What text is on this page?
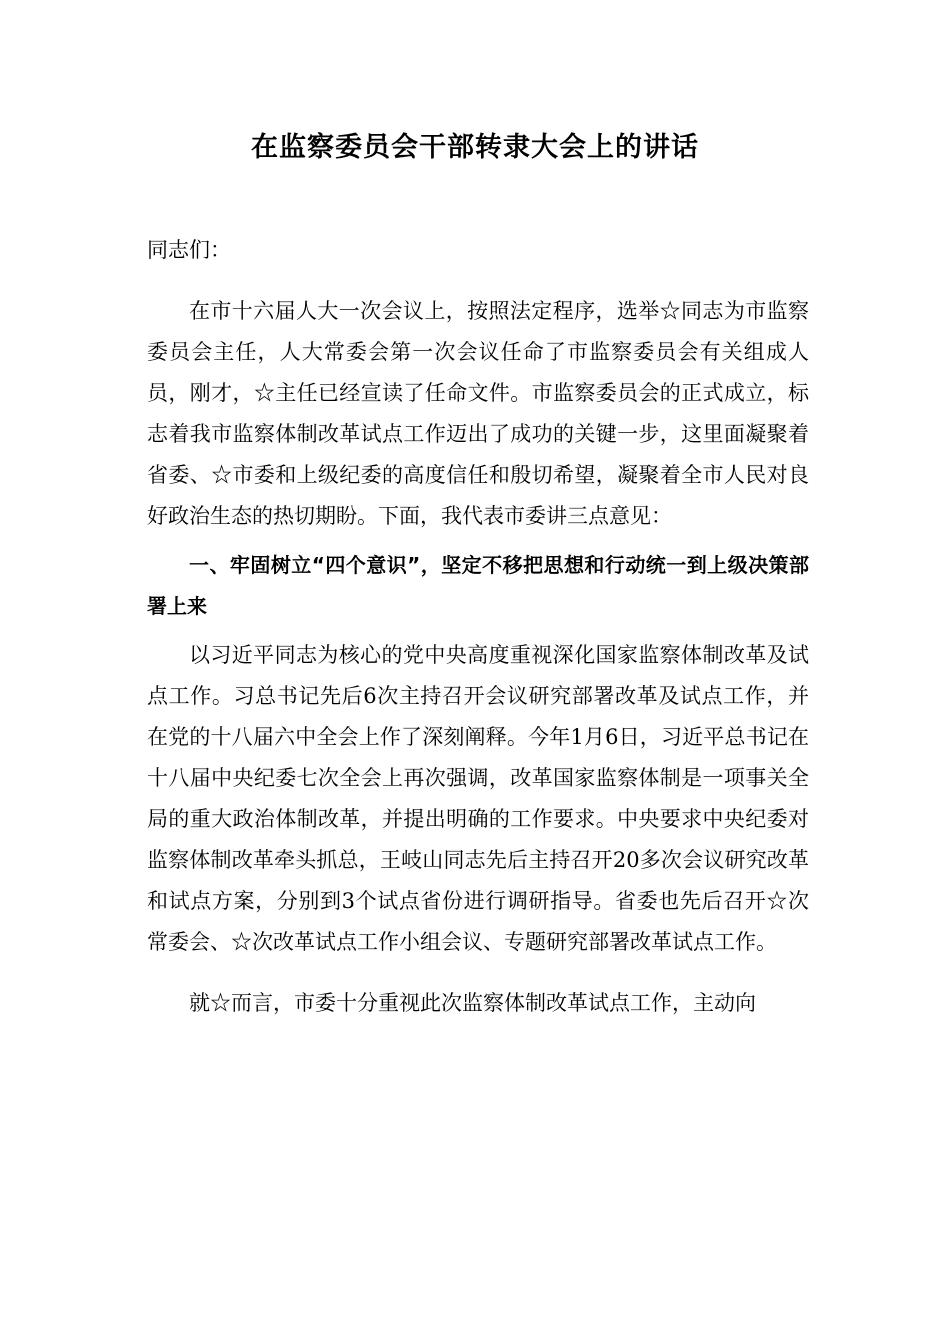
在监察委员会干部转隶大会上的讲话

同志们：

在市十六届人大一次会议上，按照法定程序，选举☆同志为市监察委员会主任，人大常委会第一次会议任命了市监察委员会有关组成人员，刚才，☆主任已经宣读了任命文件。市监察委员会的正式成立，标志着我市监察体制改革试点工作迈出了成功的关键一步，这里面凝聚着省委、☆市委和上级纪委的高度信任和殷切希望，凝聚着全市人民对良好政治生态的热切期盼。下面，我代表市委讲三点意见：

一、牢固树立“四个意识”，坚定不移把思想和行动统一到上级决策部署上来

以习近平同志为核心的党中央高度重视深化国家监察体制改革及试点工作。习总书记先后6次主持召开会议研究部署改革及试点工作，并在党的十八届六中全会上作了深刻阐释。今年1月6日，习近平总书记在十八届中央纪委七次全会上再次强调，改革国家监察体制是一项事关全局的重大政治体制改革，并提出明确的工作要求。中央要求中央纪委对监察体制改革牵头抓总，王岐山同志先后主持召开20多次会议研究改革和试点方案，分别到3个试点省份进行调研指导。省委也先后召开☆次常委会、☆次改革试点工作小组会议、专题研究部署改革试点工作。

就☆而言，市委十分重视此次监察体制改革试点工作，主动向
